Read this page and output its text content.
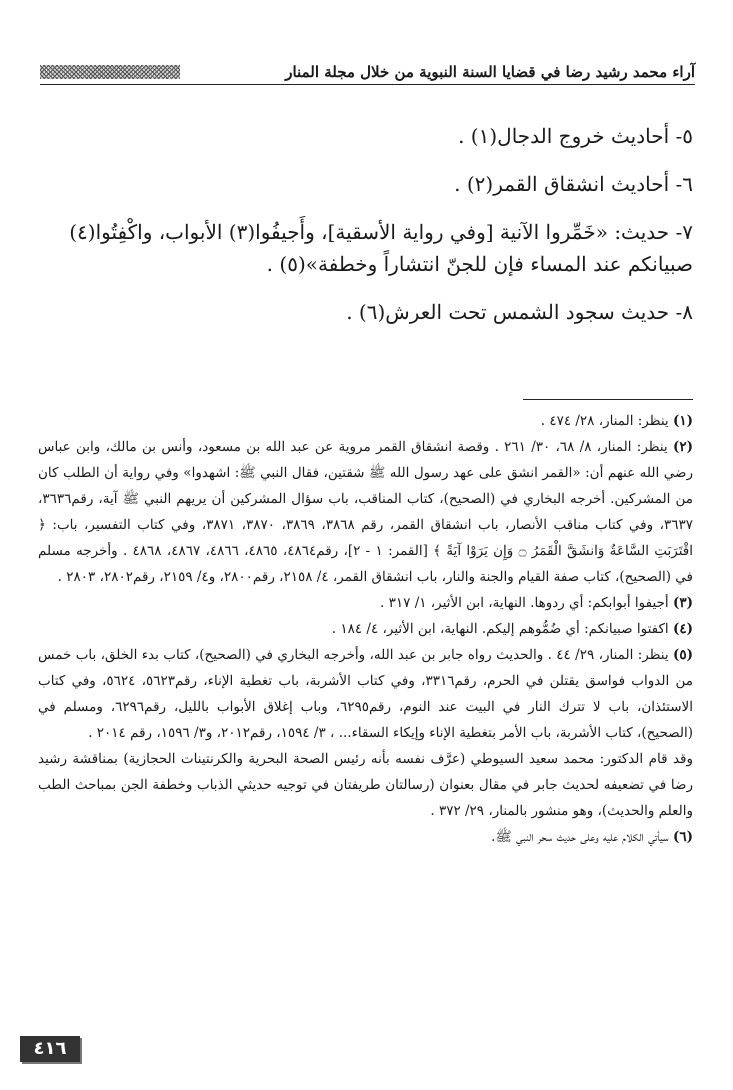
آراء محمد رشيد رضا في قضايا السنة النبوية من خلال مجلة المنار

٥- أحاديث خروج الدجال(١) .

٦- أحاديث انشقاق القمر(٢) .

٧- حديث: «خَمِّروا الآنية [وفي رواية الأسقية]، وأَجيفُوا(٣) الأبواب، واكْفِتُوا(٤) صبيانكم عند المساء فإن للجنّ انتشاراً وخطفة»(٥) .

٨- حديث سجود الشمس تحت العرش(٦) .

(١) ينظر: المنار، ٢٨/ ٤٧٤ .

(٢) ينظر: المنار، ٨/ ٦٨، ٣٠/ ٢٦١ . وقصة انشقاق القمر مروية عن عبد الله بن مسعود، وأنس بن مالك، وابن عباس رضي الله عنهم أن: «القمر انشق على عهد رسول الله ﷺ شقتين، فقال النبي ﷺ: اشهدوا» وفي رواية أن الطلب كان من المشركين. أخرجه البخاري في (الصحيح)، كتاب المناقب، باب سؤال المشركين أن يريهم النبي ﷺ آية، رقم٣٦٣٦، ٣٦٣٧، وفي كتاب مناقب الأنصار، باب انشقاق القمر، رقم ٣٨٦٨، ٣٨٦٩، ٣٨٧٠، ٣٨٧١، وفي كتاب التفسير، باب: ﴿ اقْتَرَبَتِ السَّاعَةُ وَانشَقَّ الْقَمَرُ ۝ وَإِن يَرَوْا آيَةً ﴾ [القمر: ١ - ٢]، رقم٤٨٦٤، ٤٨٦٥، ٤٨٦٦، ٤٨٦٧، ٤٨٦٨ . وأخرجه مسلم في (الصحيح)، كتاب صفة القيام والجنة والنار، باب انشقاق القمر، ٤/ ٢١٥٨، رقم٢٨٠٠، و٤/ ٢١٥٩، رقم٢٨٠٢، ٢٨٠٣ .

(٣) أجيفوا أبوابكم: أي ردوها. النهاية، ابن الأثير، ١/ ٣١٧ .

(٤) اكفتوا صبيانكم: أي ضُمُّوهم إليكم. النهاية، ابن الأثير، ٤/ ١٨٤ .

(٥) ينظر: المنار، ٢٩/ ٤٤ . والحديث رواه جابر بن عبد الله، وأخرجه البخاري في (الصحيح)، كتاب بدء الخلق، باب خمس من الدواب فواسق يقتلن في الحرم، رقم٣٣١٦، وفي كتاب الأشربة، باب تغطية الإناء، رقم٥٦٢٣، ٥٦٢٤، وفي كتاب الاستئذان، باب لا تترك النار في البيت عند النوم، رقم٦٢٩٥، وباب إغلاق الأبواب بالليل، رقم٦٢٩٦، ومسلم في (الصحيح)، كتاب الأشربة، باب الأمر بتغطية الإناء وإيكاء السقاء... ، ٣/ ١٥٩٤، رقم٢٠١٢، و٣/ ١٥٩٦، رقم ٢٠١٤ .

وقد قام الدكتور: محمد سعيد السيوطي (عرَّف نفسه بأنه رئيس الصحة البحرية والكرنتينات الحجازية) بمناقشة رشيد رضا في تضعيفه لحديث جابر في مقال بعنوان (رسالتان طريفتان في توجيه حديثي الذباب وخطفة الجن بمباحث الطب والعلم والحديث)، وهو منشور بالمنار، ٢٩/ ٣٧٢ .

(٦) سيأتي الكلام عليه وعلى حديث سحر النبي ﷺ.

٤١٦
